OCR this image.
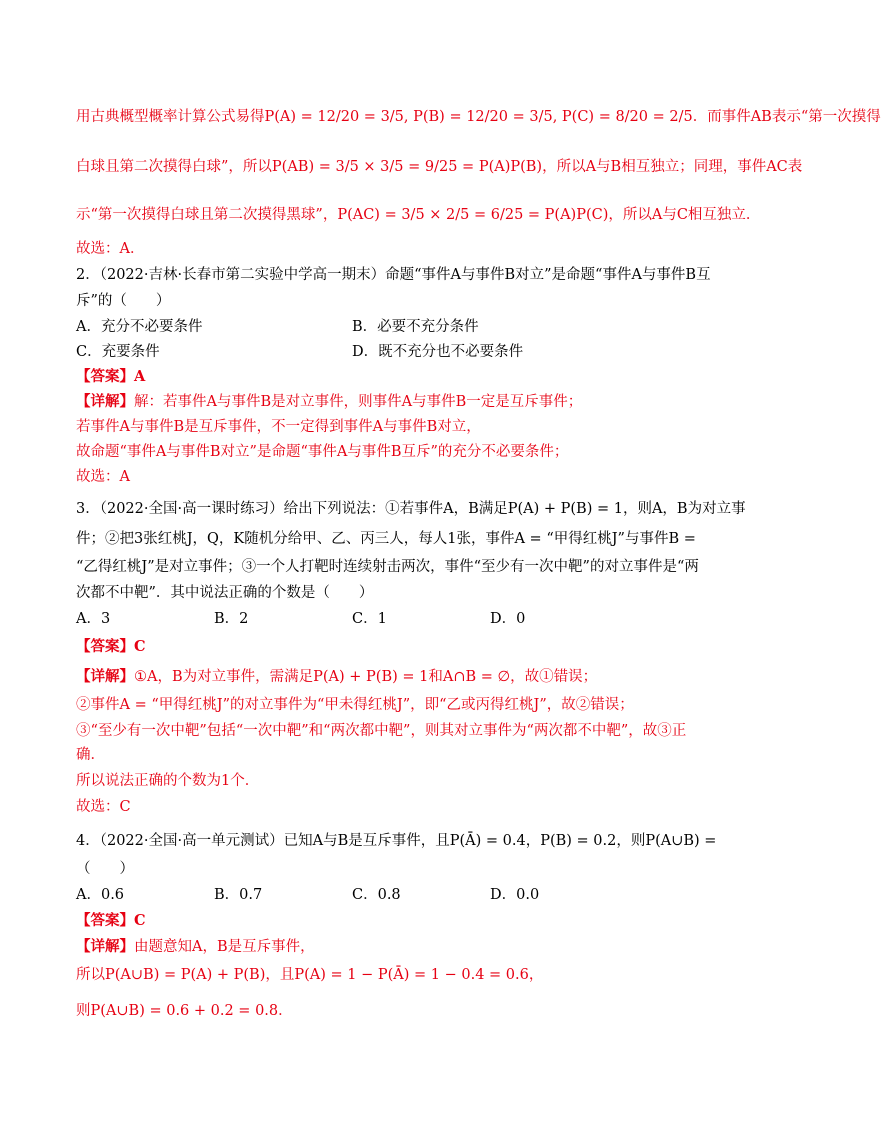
用古典概型概率计算公式易得P(A) = 12/20 = 3/5, P(B) = 12/20 = 3/5, P(C) = 8/20 = 2/5．而事件AB表示“第一次摸得
白球且第二次摸得白球”，所以P(AB) = 3/5 × 3/5 = 9/25 = P(A)P(B)，所以A与B相互独立；同理，事件AC表
示“第一次摸得白球且第二次摸得黑球”，P(AC) = 3/5 × 2/5 = 6/25 = P(A)P(C)，所以A与C相互独立．
故选：A．
2．（2022·吉林·长春市第二实验中学高一期末）命题“事件A与事件B对立”是命题“事件A与事件B互
斥”的（　　）
A．充分不必要条件	B．必要不充分条件
C．充要条件	D．既不充分也不必要条件
【答案】A
【详解】解：若事件A与事件B是对立事件，则事件A与事件B一定是互斥事件；
若事件A与事件B是互斥事件，不一定得到事件A与事件B对立，
故命题“事件A与事件B对立”是命题“事件A与事件B互斥”的充分不必要条件；
故选：A
3．（2022·全国·高一课时练习）给出下列说法：①若事件A，B满足P(A) + P(B) = 1，则A，B为对立事
件；②把3张红桃J，Q，K随机分给甲、乙、丙三人，每人1张，事件A = “甲得红桃J”与事件B =
“乙得红桃J”是对立事件；③一个人打靶时连续射击两次，事件“至少有一次中靶”的对立事件是“两
次都不中靶”．其中说法正确的个数是（　　）
A．3	B．2	C．1	D．0
【答案】C
【详解】①A，B为对立事件，需满足P(A) + P(B) = 1和A∩B = ∅，故①错误；
②事件A = “甲得红桃J”的对立事件为“甲未得红桃J”，即“乙或丙得红桃J”，故②错误；
③“至少有一次中靶”包括“一次中靶”和“两次都中靶”，则其对立事件为“两次都不中靶”，故③正
确．
所以说法正确的个数为1个．
故选：C
4．（2022·全国·高一单元测试）已知A与B是互斥事件，且P(Ā) = 0.4，P(B) = 0.2，则P(A∪B) =
（　　）
A．0.6	B．0.7	C．0.8	D．0.0
【答案】C
【详解】由题意知A，B是互斥事件，
所以P(A∪B) = P(A) + P(B)，且P(A) = 1 − P(Ā) = 1 − 0.4 = 0.6，
则P(A∪B) = 0.6 + 0.2 = 0.8．
